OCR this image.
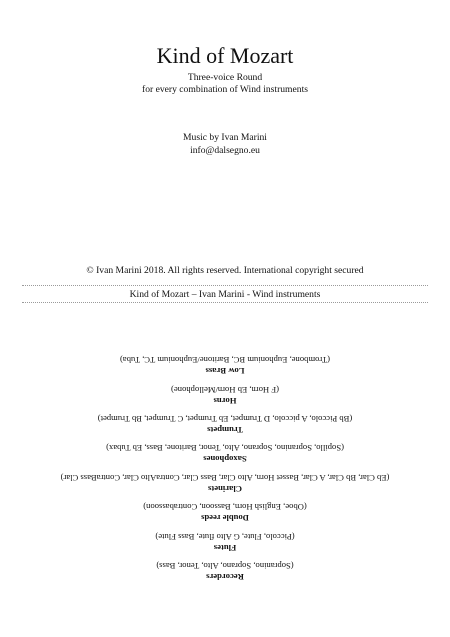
Kind of Mozart
Three-voice Round
for every combination of Wind instruments
Music by Ivan Marini
info@dalsegno.eu
© Ivan Marini 2018. All rights reserved. International copyright secured
Kind of Mozart – Ivan Marini - Wind instruments
Recorders
(Sopranino, Soprano, Alto, Tenor, Bass)
Flutes
(Piccolo, Flute, G Alto flute, Bass Flute)
Double reeds
(Oboe, English Horn, Bassoon, Contrabassoon)
Clarinets
(Eb Clar, Bb Clar, A Clar, Basset Horn, Alto Clar, Bass Clar, ContraAlto Clar, ContraBass Clar)
Saxophones
(Sopillo, Sopranino, Soprano, Alto, Tenor, Baritone, Bass, Eb Tubax)
Trumpets
(Bb Piccolo, A piccolo, D Trumpet, Eb Trumpet, C Trumpet, Bb Trumpet)
Horns
(F Horn, Eb Horn/Mellophone)
Low Brass
(Trombone, Euphonium BC, Baritone/Euphonium TC, Tuba)
